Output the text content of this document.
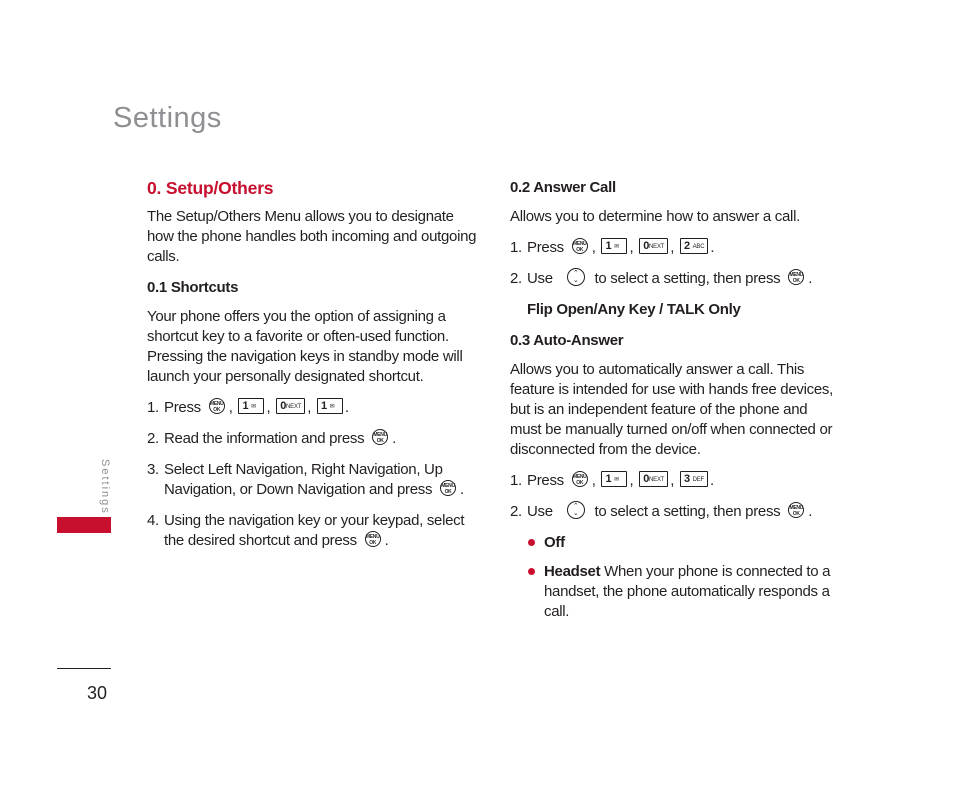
Settings
Settings
30
0. Setup/Others

The Setup/Others Menu allows you to designate how the phone handles both incoming and outgoing calls.

0.1 Shortcuts

Your phone offers you the option of assigning a shortcut key to a favorite or often-used function. Pressing the navigation keys in standby mode will launch your personally designated shortcut.

1. Press MENU OK , 1 ✉ , 0NEXT , 1 ✉ .
2. Read the information and press MENU OK .
3. Select Left Navigation, Right Navigation, Up Navigation, or Down Navigation and press MENU OK .
4. Using the navigation key or your keypad, select the desired shortcut and press MENU OK .
0.2 Answer Call

Allows you to determine how to answer a call.

1. Press MENU OK , 1 ✉ , 0NEXT , 2 ABC .
2. Use	⌃
⌄ to select a setting, then press MENU OK .

Flip Open/Any Key / TALK Only

0.3 Auto-Answer

Allows you to automatically answer a call. This feature is intended for use with hands free devices, but is an independent feature of the phone and must be manually turned on/off when connected or disconnected from the device.

1. Press MENU OK , 1 ✉ , 0NEXT , 3 DEF .
2. Use	⌃
⌄ to select a setting, then press MENU OK .
Off
Headset When your phone is connected to a handset, the phone automatically responds a call.
